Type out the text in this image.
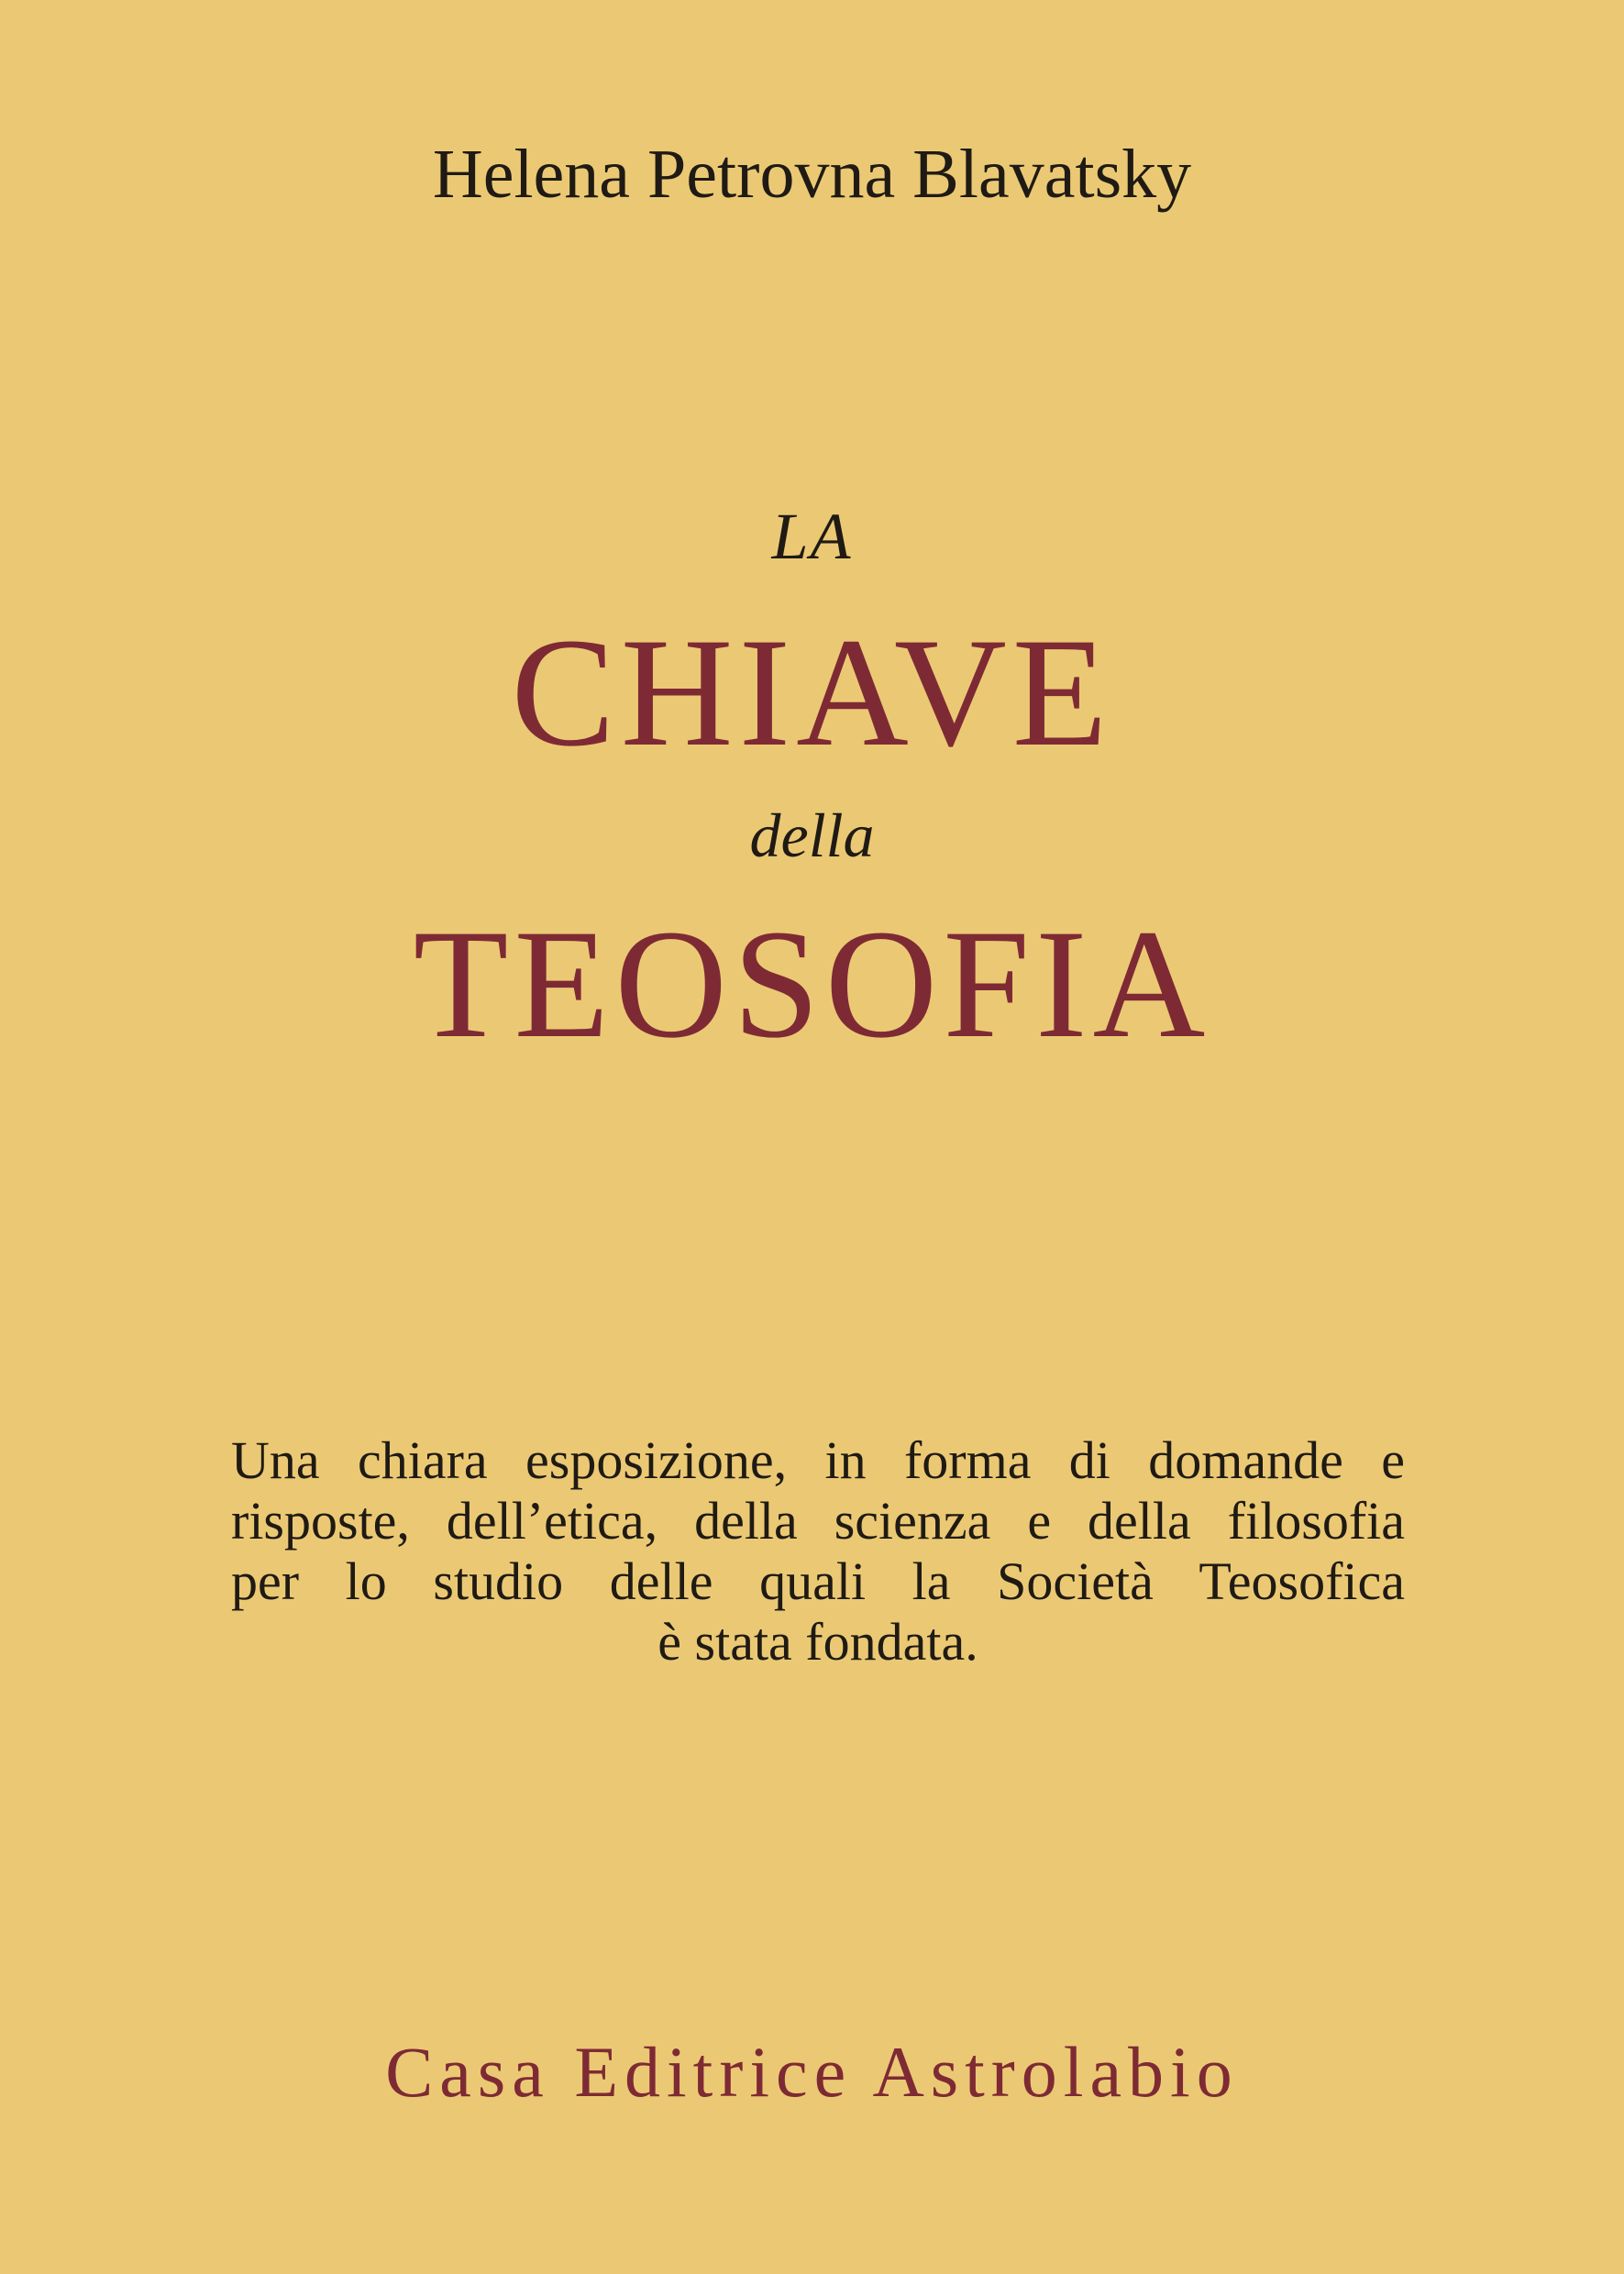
Helena Petrovna Blavatsky

LA

CHIAVE

della

TEOSOFIA

Una chiara esposizione, in forma di domande e
risposte, dell’etica, della scienza e della filosofia
per lo studio delle quali la Società Teosofica
è stata fondata.

Casa Editrice Astrolabio
